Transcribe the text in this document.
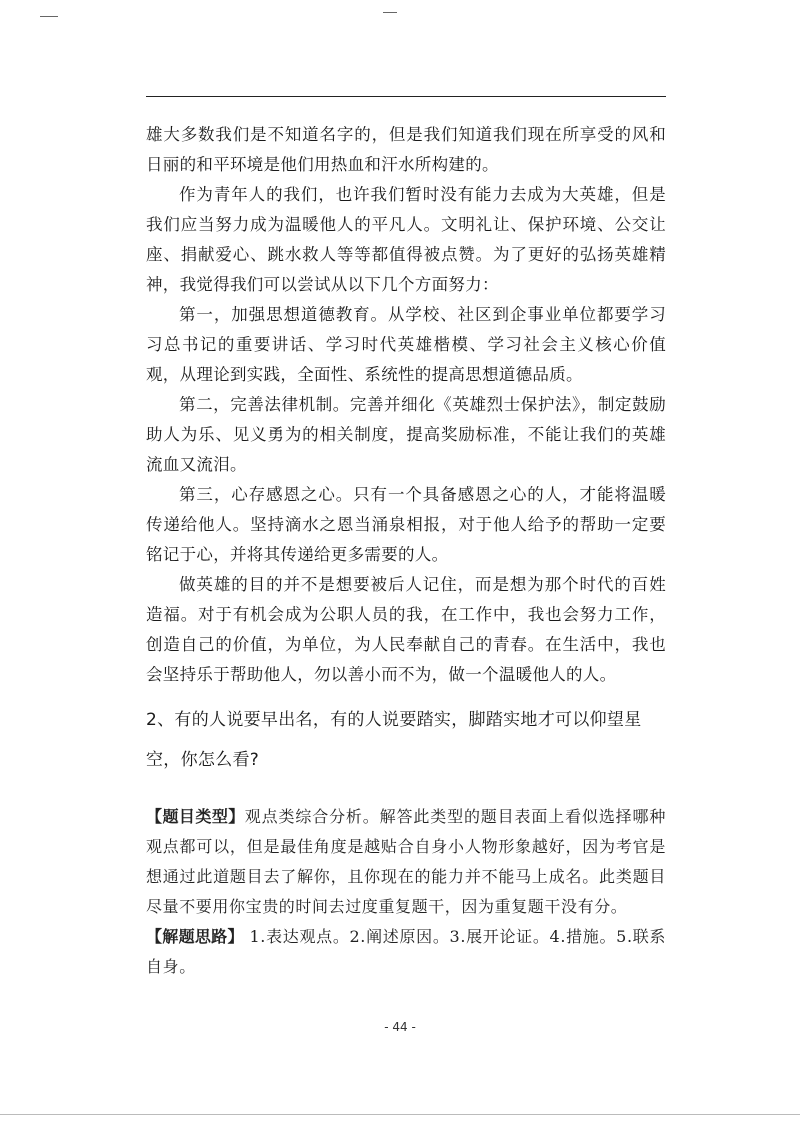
雄大多数我们是不知道名字的，但是我们知道我们现在所享受的风和日丽的和平环境是他们用热血和汗水所构建的。

作为青年人的我们，也许我们暂时没有能力去成为大英雄，但是我们应当努力成为温暖他人的平凡人。文明礼让、保护环境、公交让座、捐献爱心、跳水救人等等都值得被点赞。为了更好的弘扬英雄精神，我觉得我们可以尝试从以下几个方面努力：

第一，加强思想道德教育。从学校、社区到企事业单位都要学习习总书记的重要讲话、学习时代英雄楷模、学习社会主义核心价值观，从理论到实践，全面性、系统性的提高思想道德品质。

第二，完善法律机制。完善并细化《英雄烈士保护法》，制定鼓励助人为乐、见义勇为的相关制度，提高奖励标准，不能让我们的英雄流血又流泪。

第三，心存感恩之心。只有一个具备感恩之心的人，才能将温暖传递给他人。坚持滴水之恩当涌泉相报，对于他人给予的帮助一定要铭记于心，并将其传递给更多需要的人。

做英雄的目的并不是想要被后人记住，而是想为那个时代的百姓造福。对于有机会成为公职人员的我，在工作中，我也会努力工作，创造自己的价值，为单位，为人民奉献自己的青春。在生活中，我也会坚持乐于帮助他人，勿以善小而不为，做一个温暖他人的人。

2、有的人说要早出名，有的人说要踏实，脚踏实地才可以仰望星空，你怎么看?

【题目类型】观点类综合分析。解答此类型的题目表面上看似选择哪种观点都可以，但是最佳角度是越贴合自身小人物形象越好，因为考官是想通过此道题目去了解你，且你现在的能力并不能马上成名。此类题目尽量不要用你宝贵的时间去过度重复题干，因为重复题干没有分。

【解题思路】 1.表达观点。2.阐述原因。3.展开论证。4.措施。5.联系自身。

- 44 -
